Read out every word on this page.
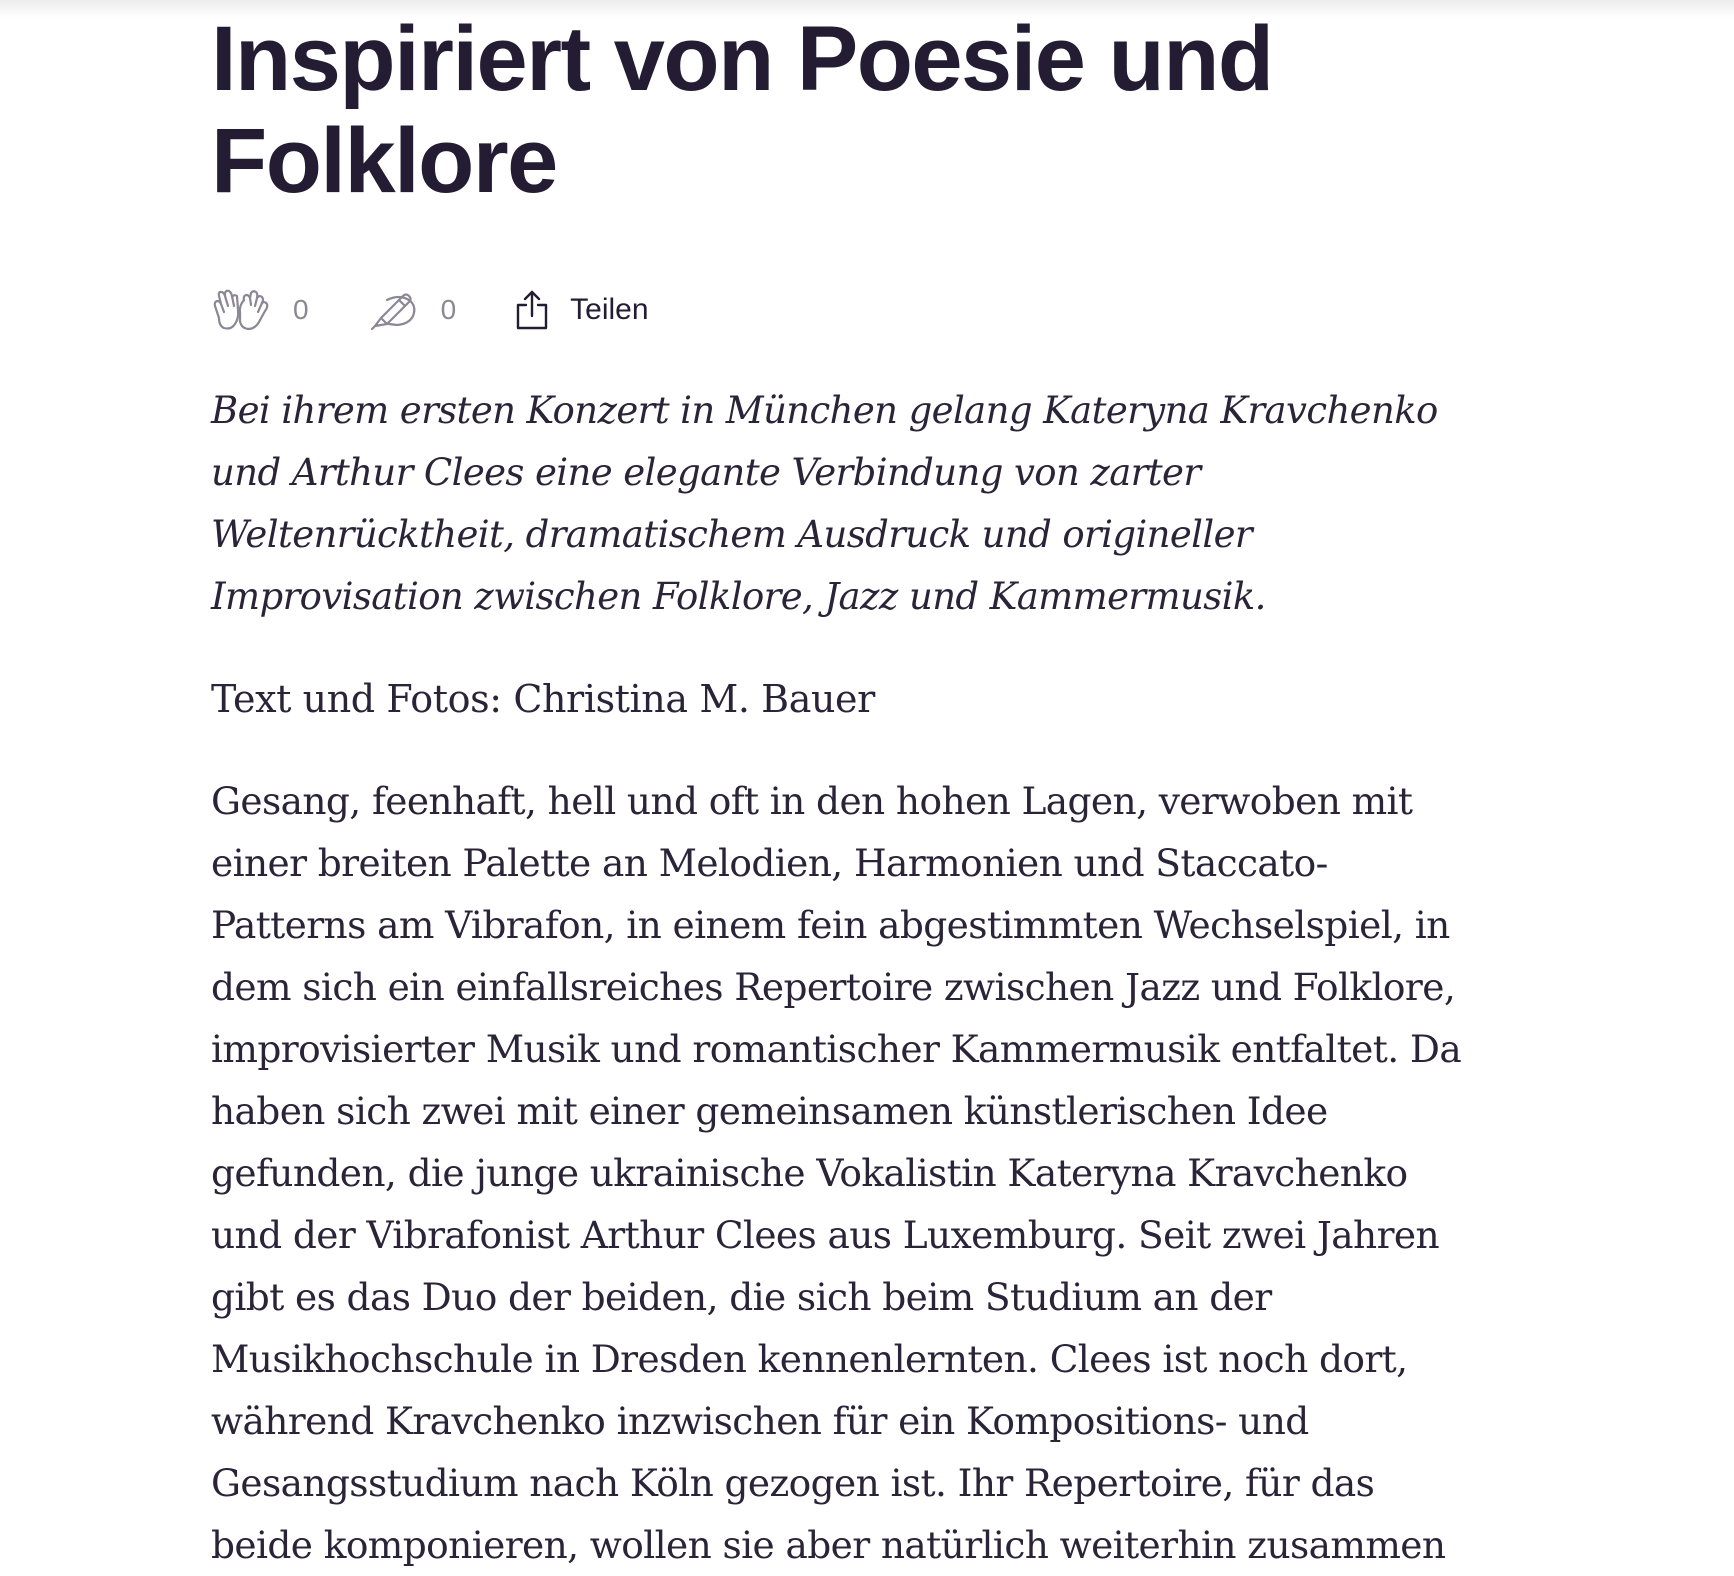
Inspiriert von Poesie und Folklore
0	0	Teilen

Bei ihrem ersten Konzert in München gelang Kateryna Kravchenko und Arthur Clees eine elegante Verbindung von zarter Weltenrücktheit, dramatischem Ausdruck und origineller Improvisation zwischen Folklore, Jazz und Kammermusik.

Text und Fotos: Christina M. Bauer

Gesang, feenhaft, hell und oft in den hohen Lagen, verwoben mit einer breiten Palette an Melodien, Harmonien und Staccato-Patterns am Vibrafon, in einem fein abgestimmten Wechselspiel, in dem sich ein einfallsreiches Repertoire zwischen Jazz und Folklore, improvisierter Musik und romantischer Kammermusik entfaltet. Da haben sich zwei mit einer gemeinsamen künstlerischen Idee gefunden, die junge ukrainische Vokalistin Kateryna Kravchenko und der Vibrafonist Arthur Clees aus Luxemburg. Seit zwei Jahren gibt es das Duo der beiden, die sich beim Studium an der Musikhochschule in Dresden kennenlernten. Clees ist noch dort, während Kravchenko inzwischen für ein Kompositions- und Gesangsstudium nach Köln gezogen ist. Ihr Repertoire, für das beide komponieren, wollen sie aber natürlich weiterhin zusammen
